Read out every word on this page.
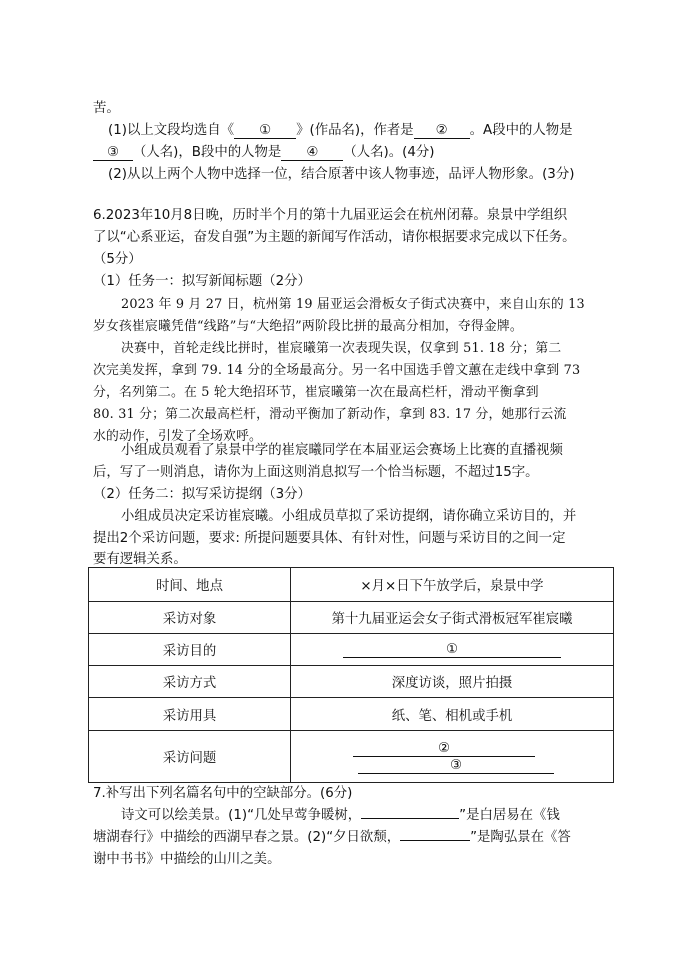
苦。
(1)以上文段均选自《 ① 》(作品名)，作者是 ② 。A段中的人物是
③ （人名)，B段中的人物是 ④ （人名)。(4分)
(2)从以上两个人物中选择一位，结合原著中该人物事迹，品评人物形象。(3分)
6.2023年10月8日晚，历时半个月的第十九届亚运会在杭州闭幕。泉景中学组织
了以“心系亚运，奋发自强”为主题的新闻写作活动，请你根据要求完成以下任务。
（5分）
（1）任务一：拟写新闻标题（2分）
2023 年 9 月 27 日，杭州第 19 届亚运会滑板女子街式决赛中，来自山东的 13
岁女孩崔宸曦凭借“线路”与“大绝招”两阶段比拼的最高分相加，夺得金牌。
决赛中，首轮走线比拼时，崔宸曦第一次表现失误，仅拿到 51. 18 分；第二
次完美发挥，拿到 79. 14 分的全场最高分。另一名中国选手曾文蕙在走线中拿到 73
分，名列第二。在 5 轮大绝招环节，崔宸曦第一次在最高栏杆，滑动平衡拿到
80. 31 分；第二次最高栏杆，滑动平衡加了新动作，拿到 83. 17 分，她那行云流
水的动作，引发了全场欢呼。
小组成员观看了泉景中学的崔宸曦同学在本届亚运会赛场上比赛的直播视频
后，写了一则消息，请你为上面这则消息拟写一个恰当标题，不超过15字。
（2）任务二：拟写采访提纲（3分）
小组成员决定采访崔宸曦。小组成员草拟了采访提纲，请你确立采访目的，并
提出2个采访问题，要求: 所提问题要具体、有针对性，问题与采访目的之间一定
要有逻辑关系。
时间、地点	×月×日下午放学后，泉景中学
采访对象	第十九届亚运会女子街式滑板冠军崔宸曦
采访目的	①
采访方式	深度访谈，照片拍摄
采访用具	纸、笔、相机或手机
采访问题	②
③
7.补写出下列名篇名句中的空缺部分。(6分)
诗文可以绘美景。(1)“几处早莺争暖树，	”是白居易在《钱
塘湖春行》中描绘的西湖早春之景。(2)“夕日欲颓，	”是陶弘景在《答
谢中书书》中描绘的山川之美。
